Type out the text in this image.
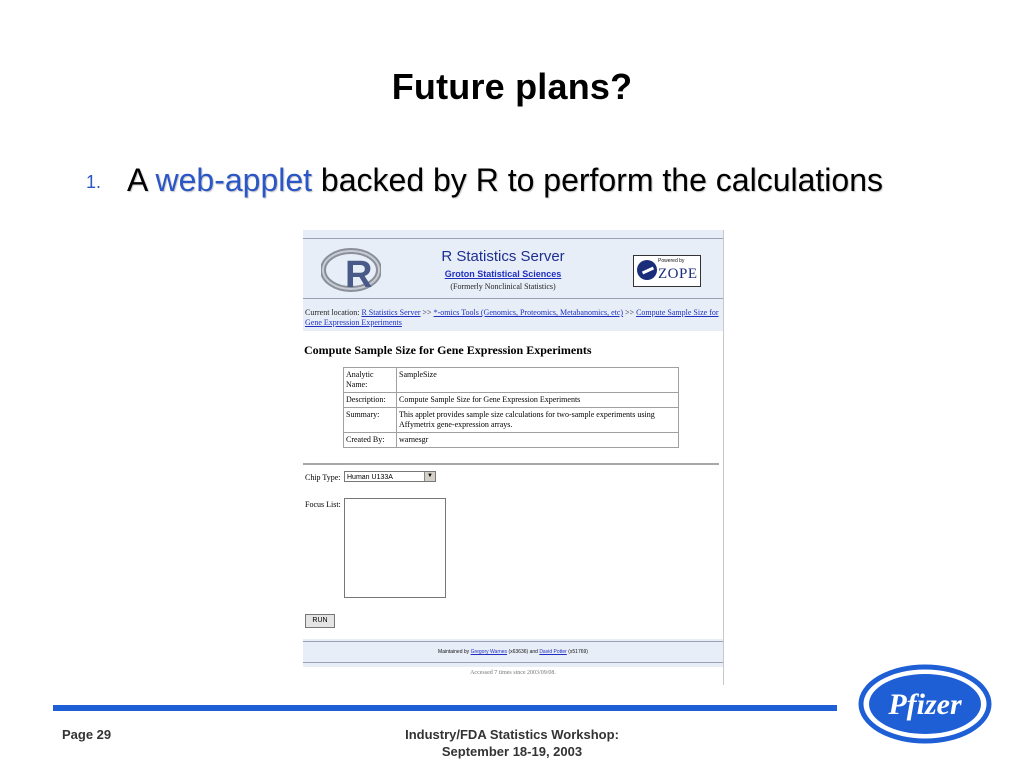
Future plans?
1. A web-applet backed by R to perform the calculations
R	R Statistics Server
Groton Statistical Sciences
(Formerly Nonclinical Statistics)
Powered by
ZOPE
Current location: R Statistics Server >> *-omics Tools (Genomics, Proteomics, Metabanomics, etc) >> Compute Sample Size for Gene Expression Experiments
Compute Sample Size for Gene Expression Experiments
Analytic Name:	SampleSize
Description:	Compute Sample Size for Gene Expression Experiments
Summary:	This applet provides sample size calculations for two-sample experiments using Affymetrix gene-expression arrays.
Created By:	warnesgr
Chip Type: Human U133A	▼
Focus List:
RUN
Maintained by Gregory Warnes (x63636) and David Potter (x51769)
Accessed 7 times since 2003/09/08.
Page 29	Industry/FDA Statistics Workshop:
September 18-19, 2003
Pfizer
